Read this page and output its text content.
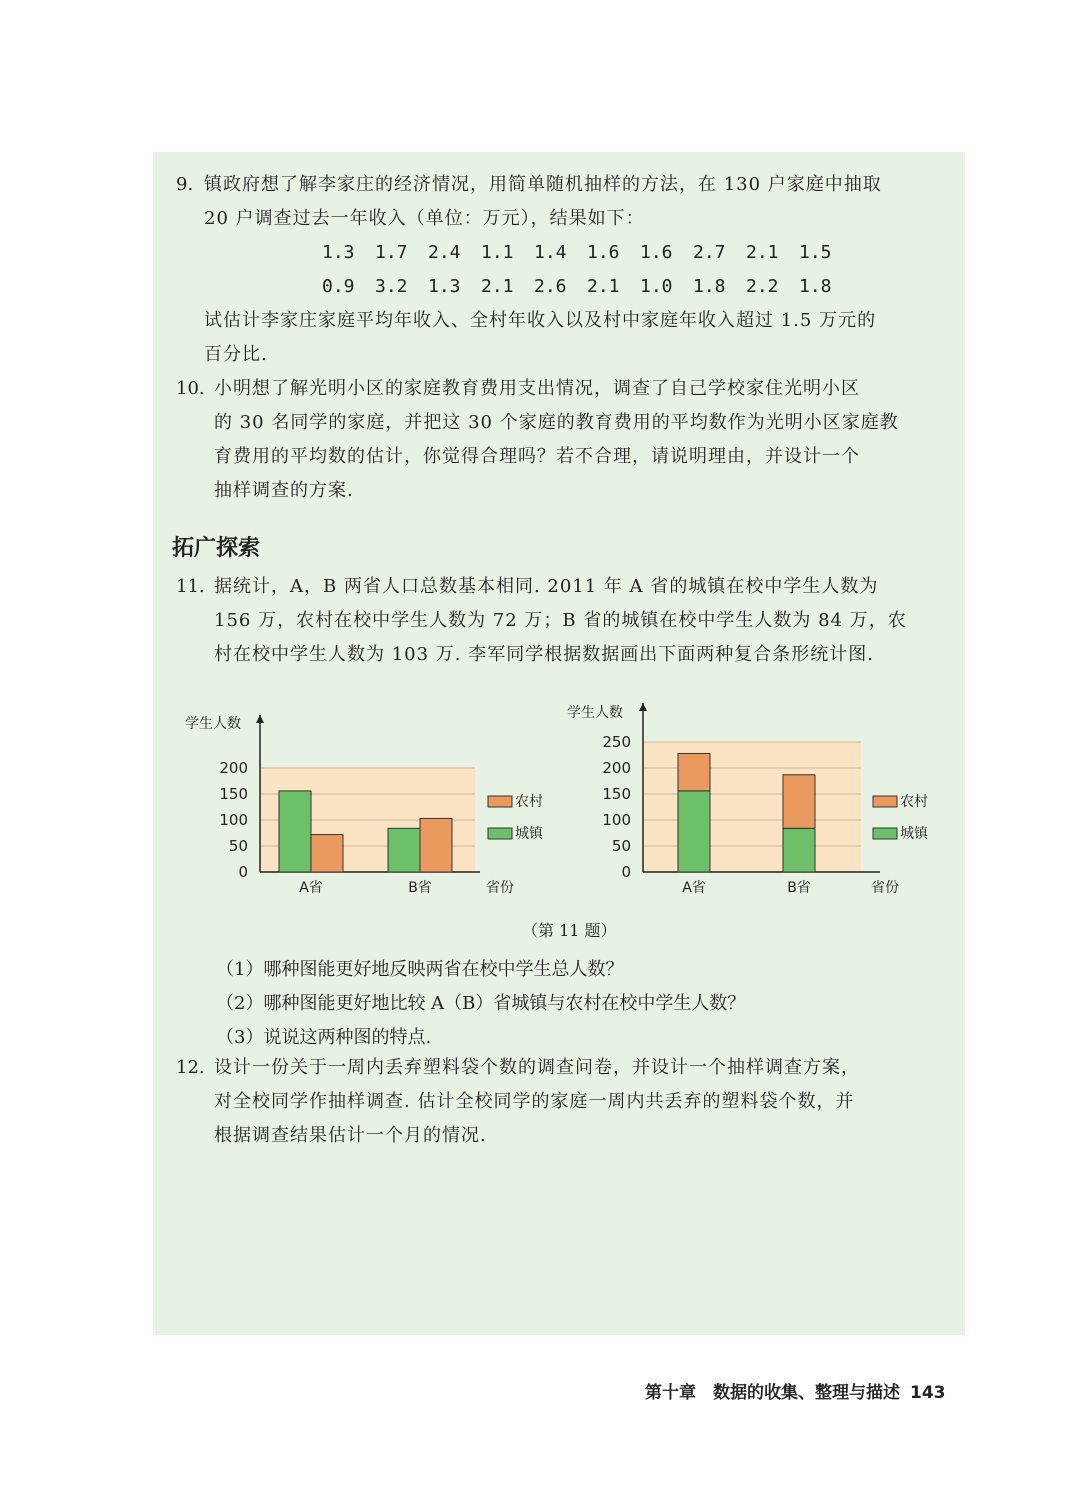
9. 镇政府想了解李家庄的经济情况，用简单随机抽样的方法，在 130 户家庭中抽取
20 户调查过去一年收入（单位：万元），结果如下：
1.3 1.7 2.4 1.1 1.4 1.6 1.6 2.7 2.1 1.5
0.9 3.2 1.3 2.1 2.6 2.1 1.0 1.8 2.2 1.8
试估计李家庄家庭平均年收入、全村年收入以及村中家庭年收入超过 1.5 万元的
百分比.
10. 小明想了解光明小区的家庭教育费用支出情况，调查了自己学校家住光明小区
的 30 名同学的家庭，并把这 30 个家庭的教育费用的平均数作为光明小区家庭教
育费用的平均数的估计，你觉得合理吗？若不合理，请说明理由，并设计一个
抽样调查的方案.
拓广探索
11. 据统计，A，B 两省人口总数基本相同. 2011 年 A 省的城镇在校中学生人数为
156 万，农村在校中学生人数为 72 万；B 省的城镇在校中学生人数为 84 万，农
村在校中学生人数为 103 万. 李军同学根据数据画出下面两种复合条形统计图.
0
50
100
150
200
学生人数
省份
A省	B省
农村
城镇
0
50
100
150
200
250
学生人数
省份
A省	B省
农村
城镇
（第 11 题）
（1）哪种图能更好地反映两省在校中学生总人数？
（2）哪种图能更好地比较 A（B）省城镇与农村在校中学生人数？
（3）说说这两种图的特点.
12. 设计一份关于一周内丢弃塑料袋个数的调查问卷，并设计一个抽样调查方案，
对全校同学作抽样调查. 估计全校同学的家庭一周内共丢弃的塑料袋个数，并
根据调查结果估计一个月的情况.
第十章　数据的收集、整理与描述 143
